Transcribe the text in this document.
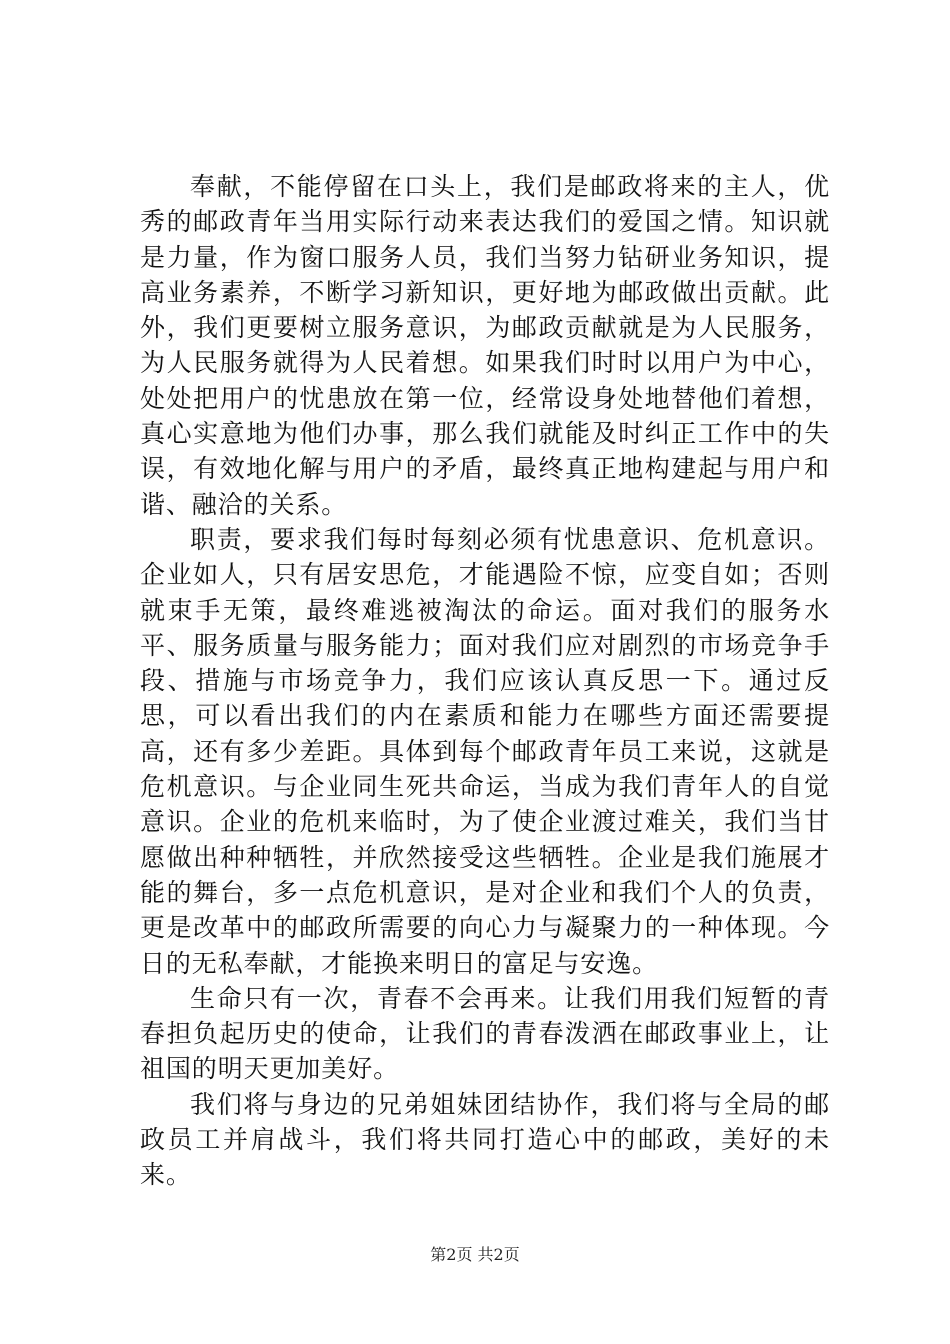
奉献，不能停留在口头上，我们是邮政将来的主人，优秀的邮政青年当用实际行动来表达我们的爱国之情。知识就是力量，作为窗口服务人员，我们当努力钻研业务知识，提高业务素养，不断学习新知识，更好地为邮政做出贡献。此外，我们更要树立服务意识，为邮政贡献就是为人民服务，为人民服务就得为人民着想。如果我们时时以用户为中心，处处把用户的忧患放在第一位，经常设身处地替他们着想，真心实意地为他们办事，那么我们就能及时纠正工作中的失误，有效地化解与用户的矛盾，最终真正地构建起与用户和谐、融洽的关系。

职责，要求我们每时每刻必须有忧患意识、危机意识。企业如人，只有居安思危，才能遇险不惊，应变自如；否则就束手无策，最终难逃被淘汰的命运。面对我们的服务水平、服务质量与服务能力；面对我们应对剧烈的市场竞争手段、措施与市场竞争力，我们应该认真反思一下。通过反思，可以看出我们的内在素质和能力在哪些方面还需要提高，还有多少差距。具体到每个邮政青年员工来说，这就是危机意识。与企业同生死共命运，当成为我们青年人的自觉意识。企业的危机来临时，为了使企业渡过难关，我们当甘愿做出种种牺牲，并欣然接受这些牺牲。企业是我们施展才能的舞台，多一点危机意识，是对企业和我们个人的负责，更是改革中的邮政所需要的向心力与凝聚力的一种体现。今日的无私奉献，才能换来明日的富足与安逸。

生命只有一次，青春不会再来。让我们用我们短暂的青春担负起历史的使命，让我们的青春泼洒在邮政事业上，让祖国的明天更加美好。

我们将与身边的兄弟姐妹团结协作，我们将与全局的邮政员工并肩战斗，我们将共同打造心中的邮政，美好的未来。

第2页 共2页
